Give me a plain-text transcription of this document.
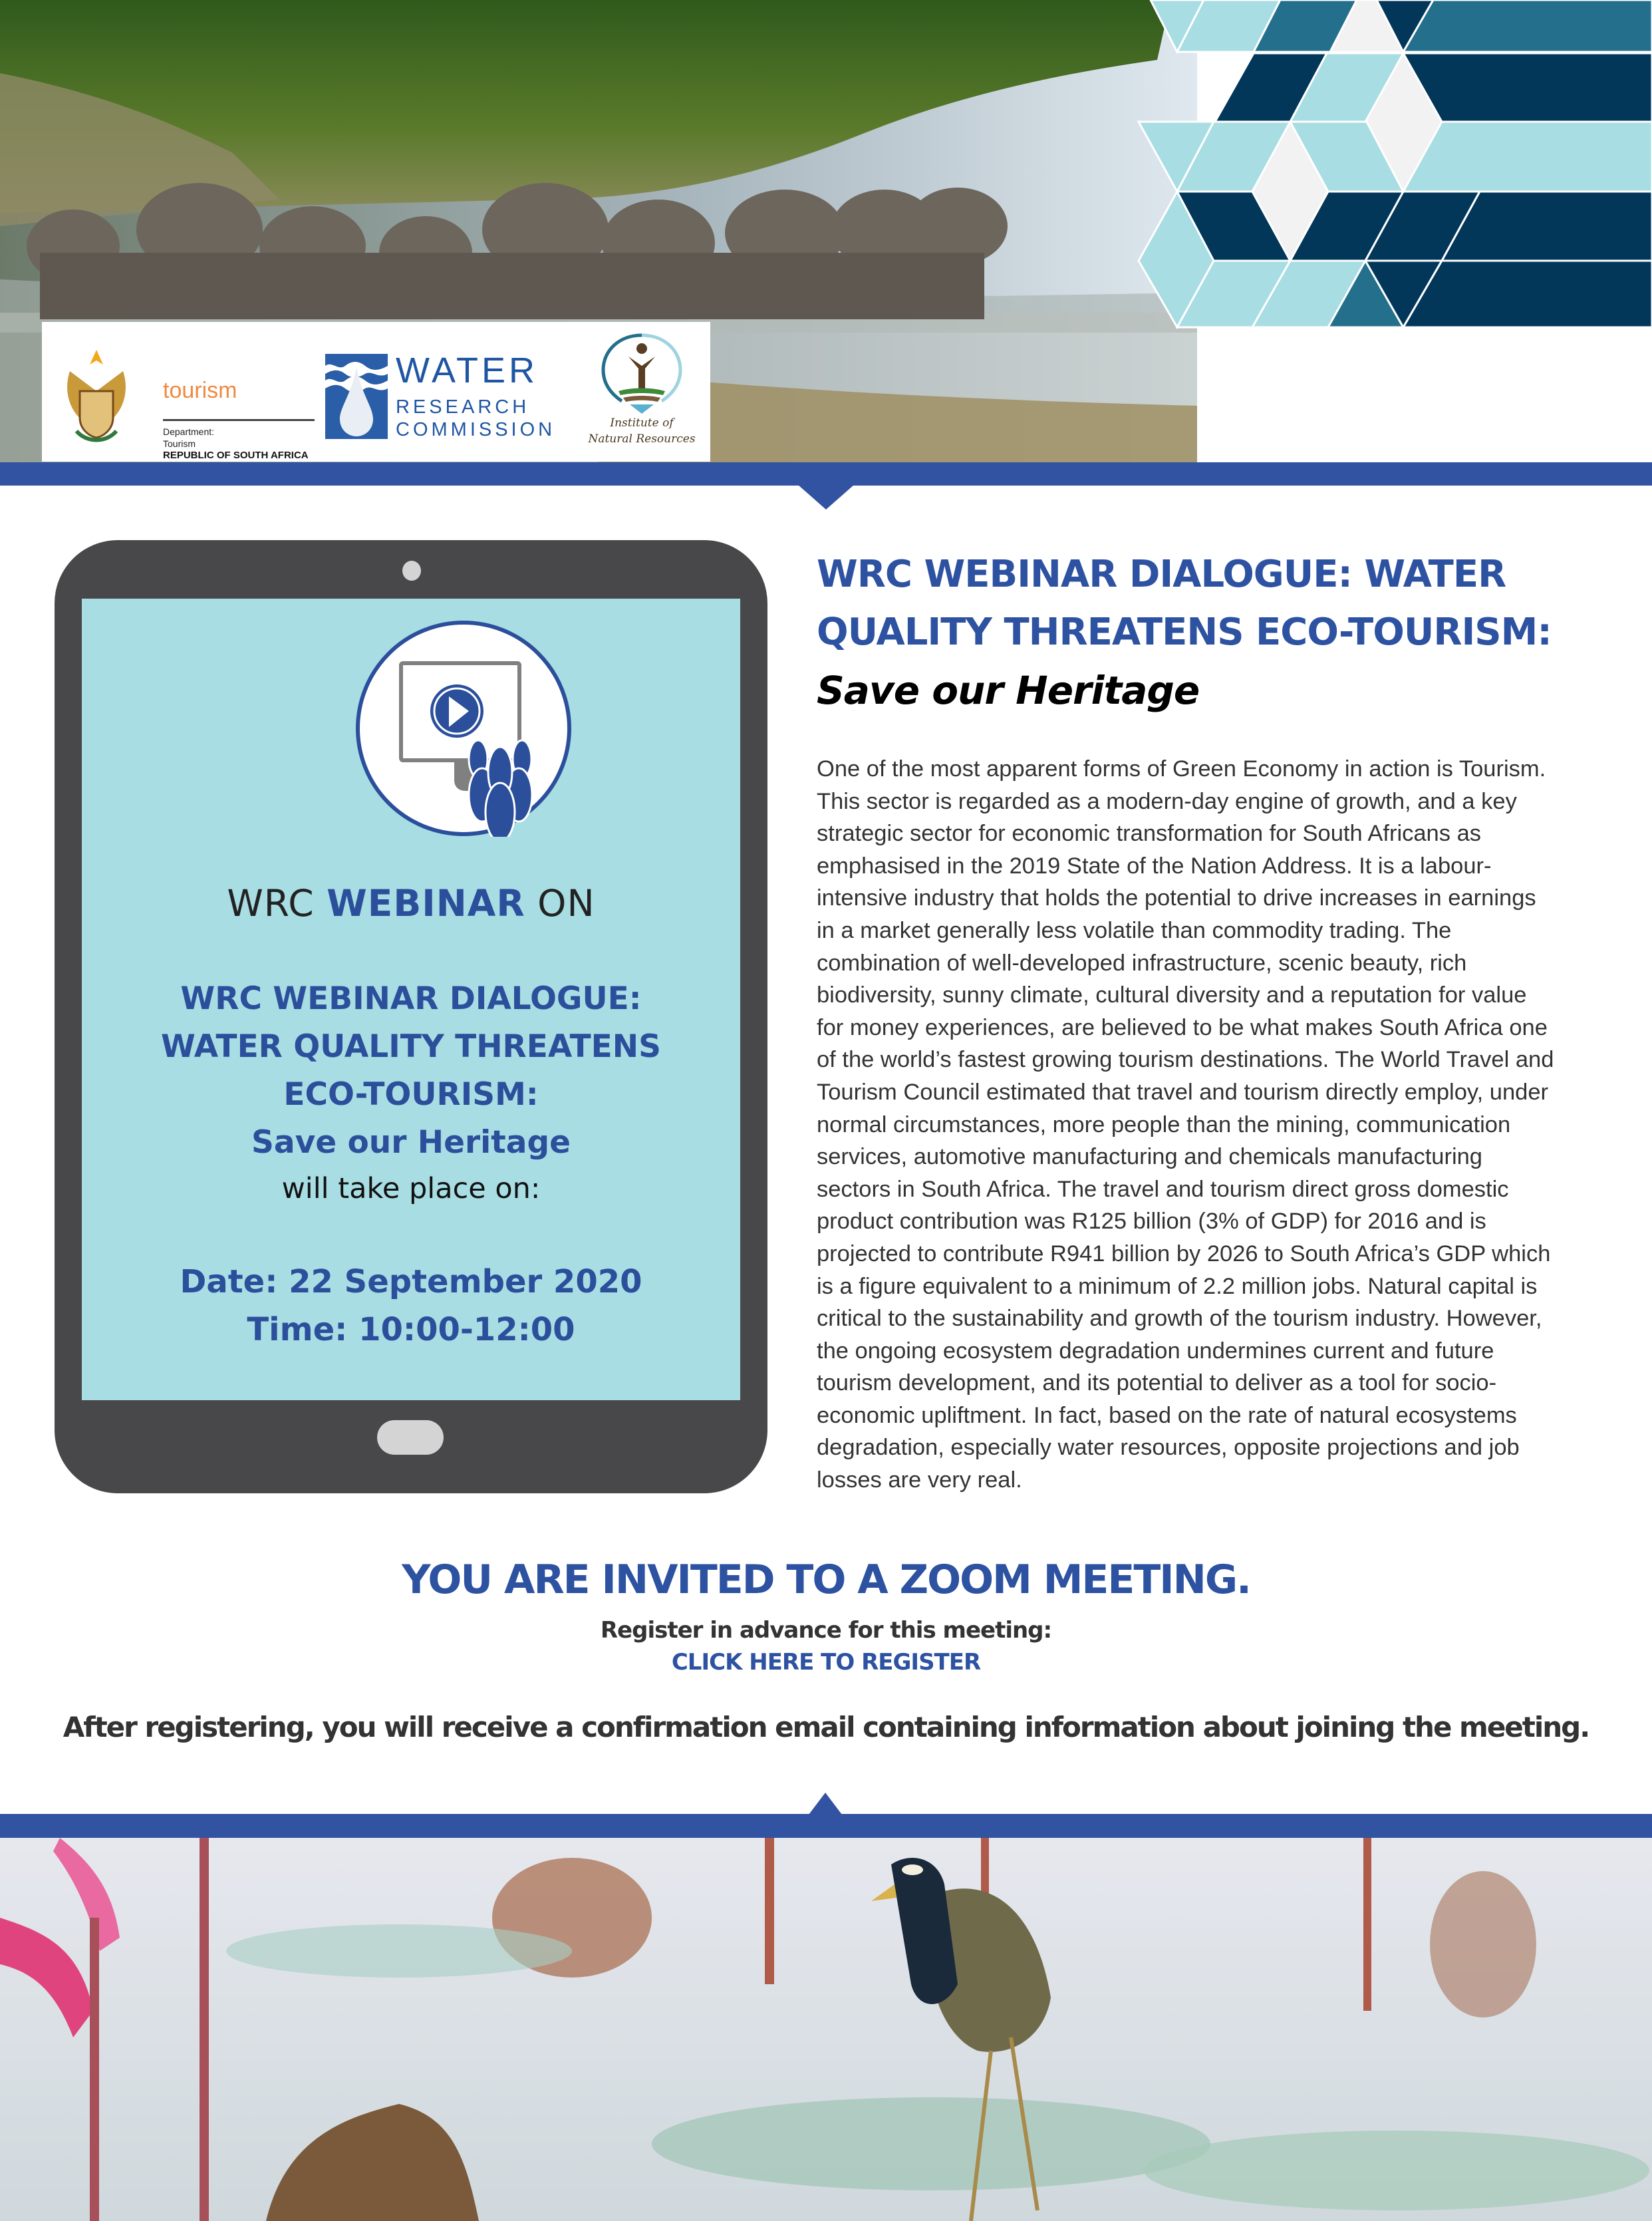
tourism
Department:
Tourism
REPUBLIC OF SOUTH AFRICA
WATER
RESEARCH
COMMISSION	Institute of
Natural Resources
WRC WEBINAR ON
WRC WEBINAR DIALOGUE:
WATER QUALITY THREATENS
ECO-TOURISM:
Save our Heritage
will take place on:
Date: 22 September 2020
Time: 10:00-12:00
WRC WEBINAR DIALOGUE: WATER
QUALITY THREATENS ECO-TOURISM:
Save our Heritage
One of the most apparent forms of Green Economy in action is Tourism.
This sector is regarded as a modern-day engine of growth, and a key
strategic sector for economic transformation for South Africans as
emphasised in the 2019 State of the Nation Address. It is a labour-
intensive industry that holds the potential to drive increases in earnings
in a market generally less volatile than commodity trading. The
combination of well-developed infrastructure, scenic beauty, rich
biodiversity, sunny climate, cultural diversity and a reputation for value
for money experiences, are believed to be what makes South Africa one
of the world’s fastest growing tourism destinations. The World Travel and
Tourism Council estimated that travel and tourism directly employ, under
normal circumstances, more people than the mining, communication
services, automotive manufacturing and chemicals manufacturing
sectors in South Africa. The travel and tourism direct gross domestic
product contribution was R125 billion (3% of GDP) for 2016 and is
projected to contribute R941 billion by 2026 to South Africa’s GDP which
is a figure equivalent to a minimum of 2.2 million jobs. Natural capital is
critical to the sustainability and growth of the tourism industry. However,
the ongoing ecosystem degradation undermines current and future
tourism development, and its potential to deliver as a tool for socio-
economic upliftment. In fact, based on the rate of natural ecosystems
degradation, especially water resources, opposite projections and job
losses are very real.
YOU ARE INVITED TO A ZOOM MEETING.
Register in advance for this meeting:
CLICK HERE TO REGISTER
After registering, you will receive a confirmation email containing information about joining the meeting.
